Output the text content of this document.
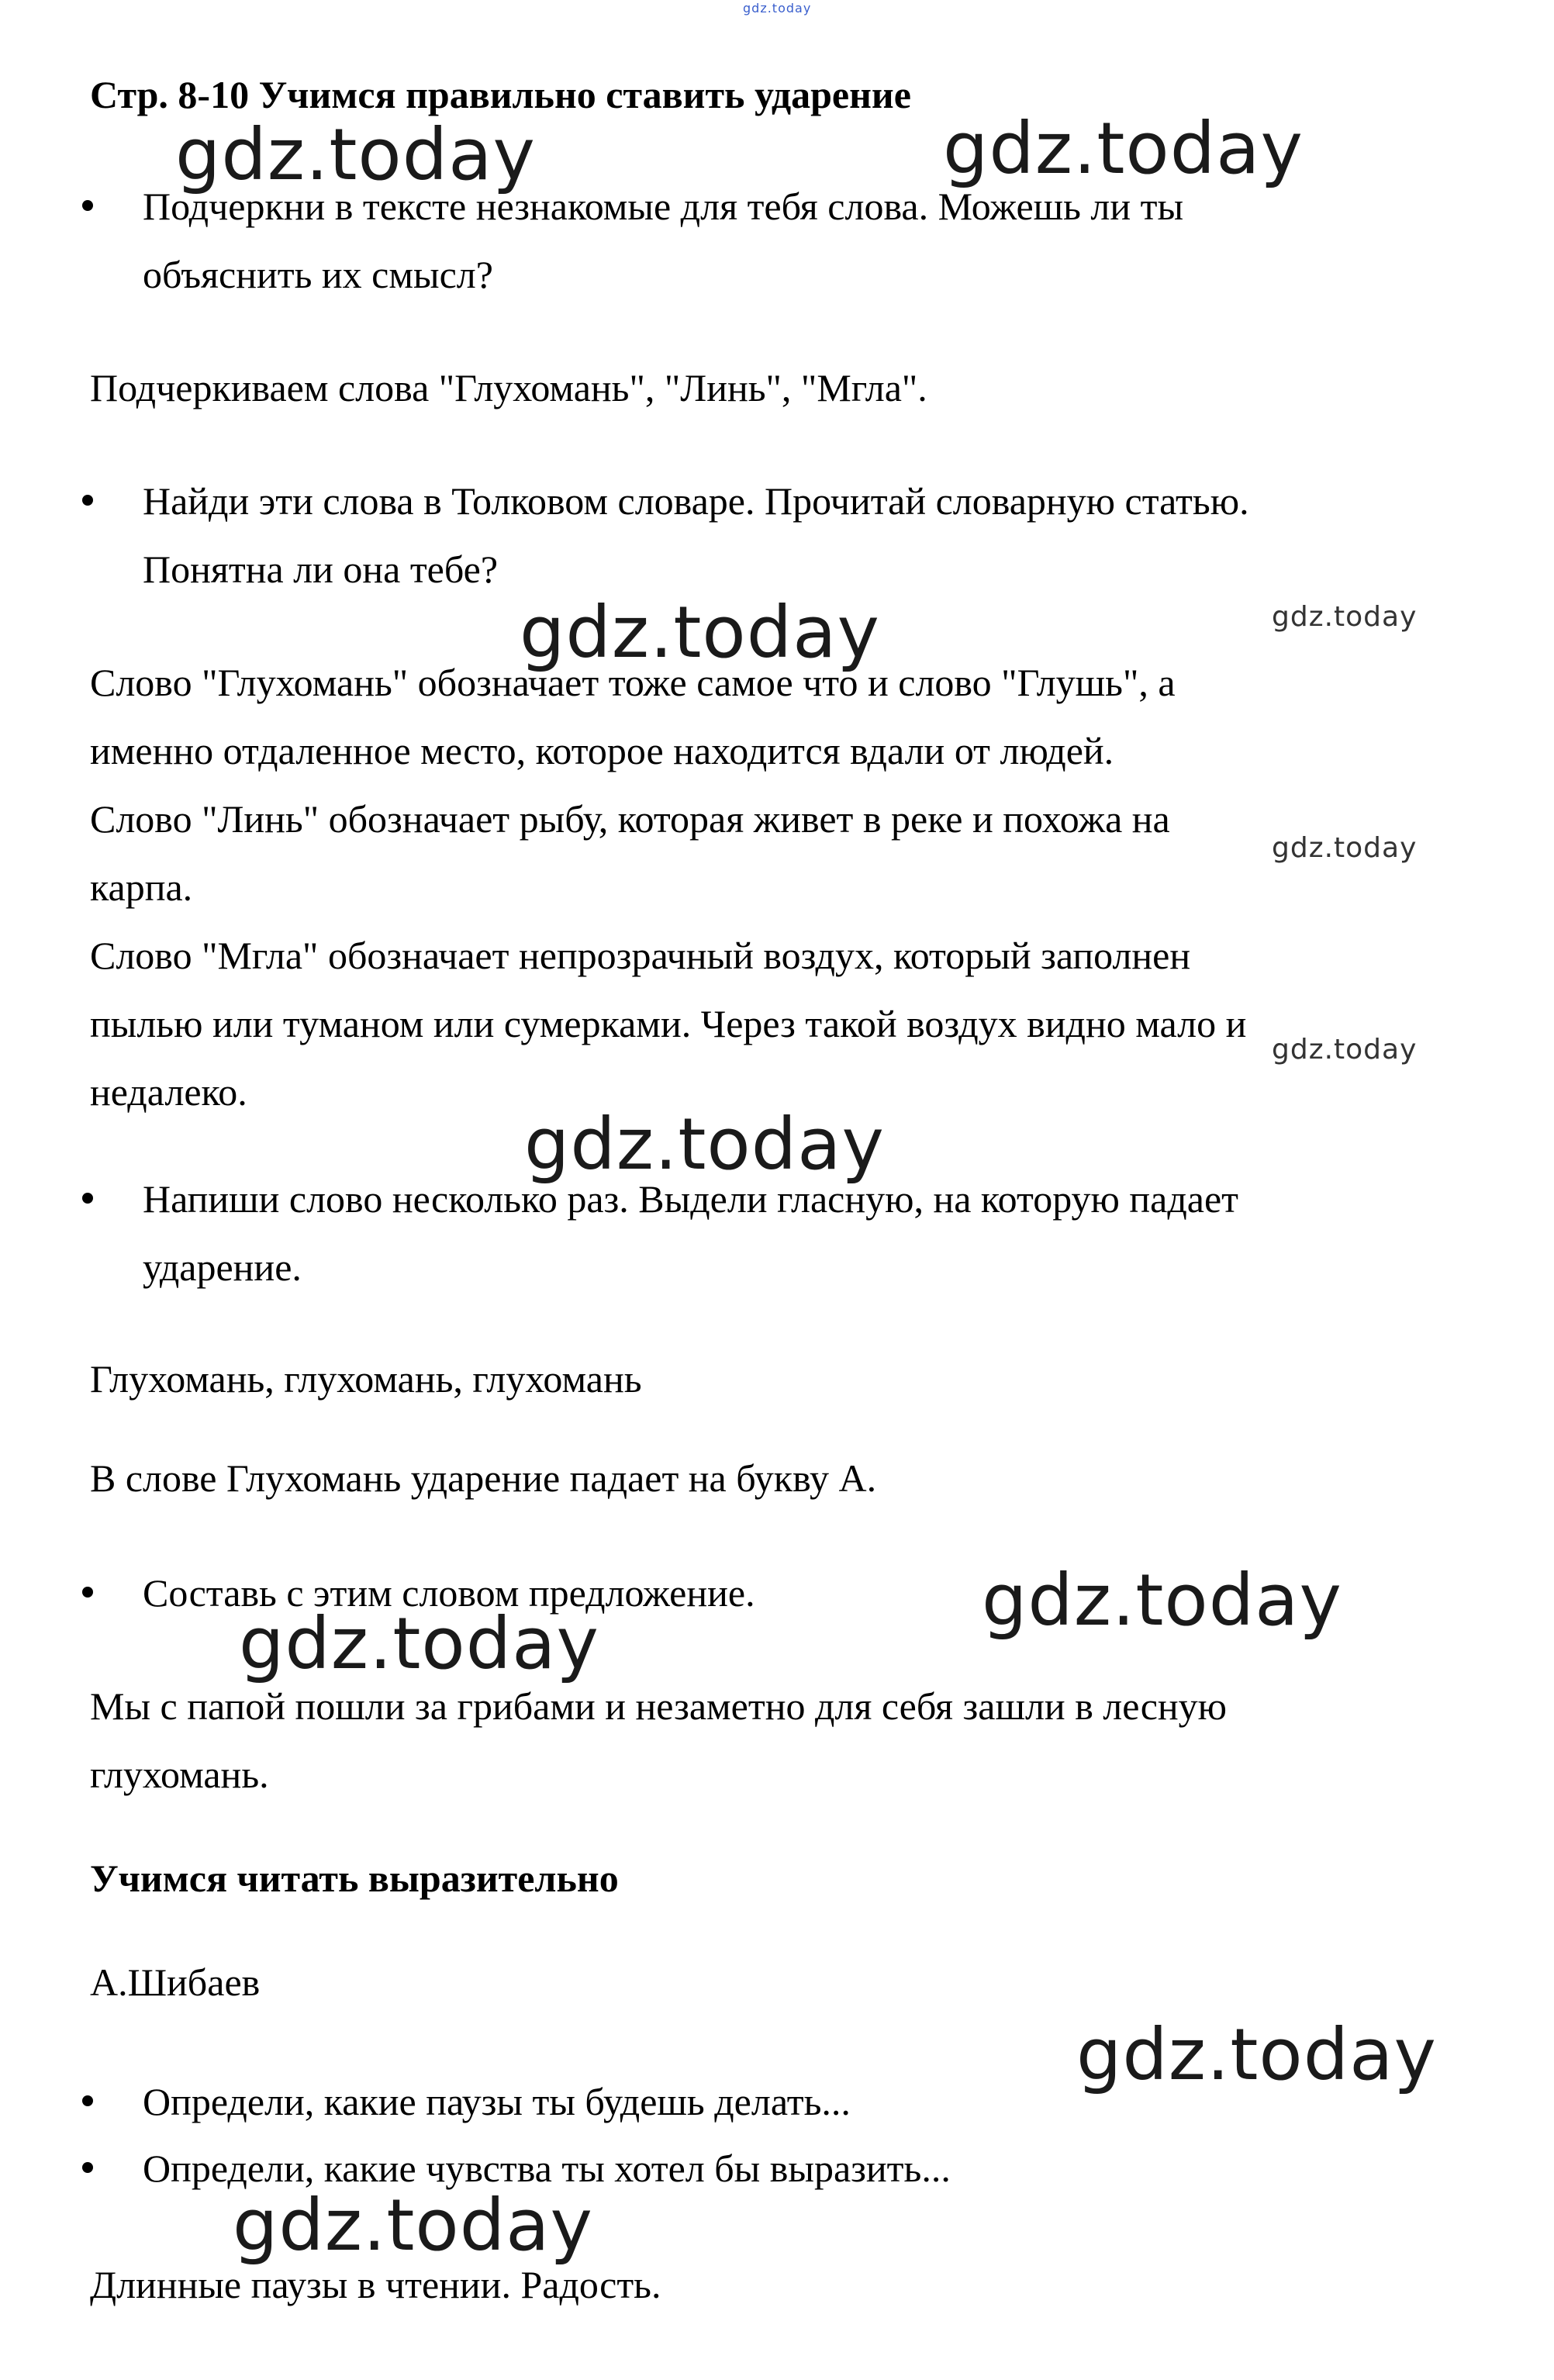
gdz.today
Стр. 8-10 Учимся правильно ставить ударение
gdz.today	gdz.today
Подчеркни в тексте незнакомые для тебя слова. Можешь ли ты
объяснить их смысл?
Подчеркиваем слова "Глухомань", "Линь", "Мгла".
Найди эти слова в Толковом словаре. Прочитай словарную статью.
Понятна ли она тебе?
gdz.today	gdz.today
Слово "Глухомань" обозначает тоже самое что и слово "Глушь", а
именно отдаленное место, которое находится вдали от людей.
Слово "Линь" обозначает рыбу, которая живет в реке и похожа на
карпа.
Слово "Мгла" обозначает непрозрачный воздух, который заполнен
пылью или туманом или сумерками. Через такой воздух видно мало и
недалеко.
gdz.today
gdz.today
gdz.today
Напиши слово несколько раз. Выдели гласную, на которую падает
ударение.
Глухомань, глухомань, глухомань
В слове Глухомань ударение падает на букву А.
Составь с этим словом предложение.	gdz.today
gdz.today
Мы с папой пошли за грибами и незаметно для себя зашли в лесную
глухомань.
Учимся читать выразительно
А.Шибаев
gdz.today
Определи, какие паузы ты будешь делать...
Определи, какие чувства ты хотел бы выразить...
gdz.today
Длинные паузы в чтении. Радость.
